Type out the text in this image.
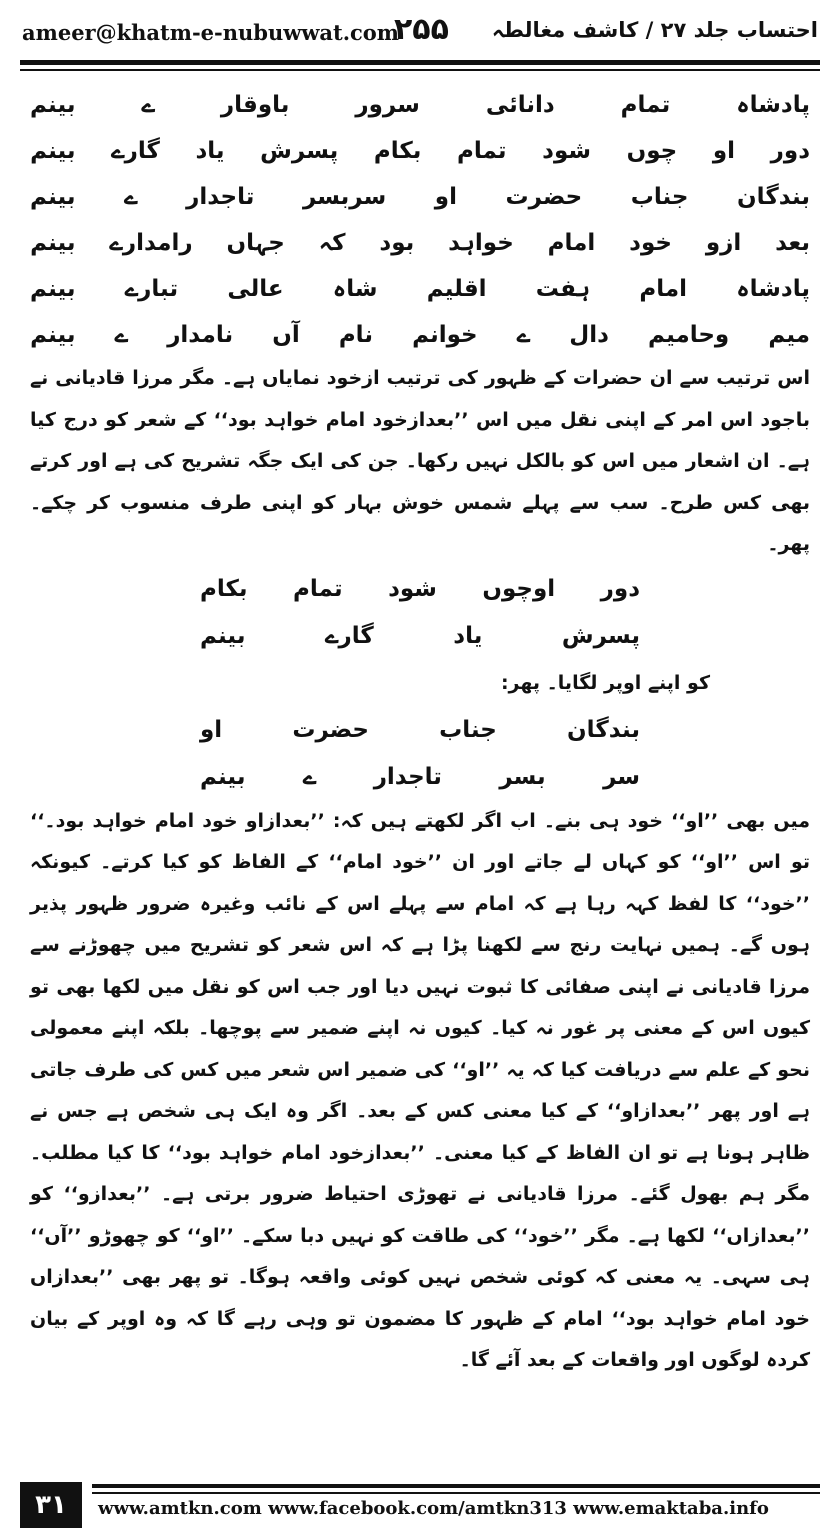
ameer@khatm-e-nubuwwat.com
۲۵۵ احتساب جلد ۲۷ / کاشف مغالطہ
پادشاہ
تمام
دانائی
سرور
باوقار
ے
بینم
دور
او
چوں
شود
تمام
بکام
پسرش
یاد
گارے
بینم
بندگان
جناب
حضرت
او
سربسر
تاجدار
ے
بینم
بعد
ازو
خود
امام
خواہد
بود
کہ
جہاں
رامدارے
بینم
پادشاہ
امام
ہفت
اقلیم
شاہ
عالی
تبارے
بینم
میم
وحامیم
دال
ے
خوانم
نام
آں
نامدار
ے
بینم

اس ترتیب سے ان حضرات کے ظہور کی ترتیب ازخود نمایاں ہے۔ مگر مرزا قادیانی نے باجود اس امر کے اپنی نقل میں اس ’’بعدازخود امام خواہد بود‘‘ کے شعر کو درج کیا ہے۔ ان اشعار میں اس کو بالکل نہیں رکھا۔ جن کی ایک جگہ تشریح کی ہے اور کرتے بھی کس طرح۔ سب سے پہلے شمس خوش بہار کو اپنی طرف منسوب کر چکے۔ پھر۔

دور
اوچوں
شود
تمام
بکام
پسرش
یاد
گارے
بینم
کو اپنے اوپر لگایا۔ پھر:
بندگان
جناب
حضرت
او
سر
بسر
تاجدار
ے
بینم

میں بھی ’’او‘‘ خود ہی بنے۔ اب اگر لکھتے ہیں کہ: ’’بعدازاو خود امام خواہد بود۔‘‘ تو اس ’’او‘‘ کو کہاں لے جاتے اور ان ’’خود امام‘‘ کے الفاظ کو کیا کرتے۔ کیونکہ ’’خود‘‘ کا لفظ کہہ رہا ہے کہ امام سے پہلے اس کے نائب وغیرہ ضرور ظہور پذیر ہوں گے۔ ہمیں نہایت رنج سے لکھنا پڑا ہے کہ اس شعر کو تشریح میں چھوڑنے سے مرزا قادیانی نے اپنی صفائی کا ثبوت نہیں دیا اور جب اس کو نقل میں لکھا بھی تو کیوں اس کے معنی پر غور نہ کیا۔ کیوں نہ اپنے ضمیر سے پوچھا۔ بلکہ اپنے معمولی نحو کے علم سے دریافت کیا کہ یہ ’’او‘‘ کی ضمیر اس شعر میں کس کی طرف جاتی ہے اور پھر ’’بعدازاو‘‘ کے کیا معنی کس کے بعد۔ اگر وہ ایک ہی شخص ہے جس نے ظاہر ہونا ہے تو ان الفاظ کے کیا معنی۔ ’’بعدازخود امام خواہد بود‘‘ کا کیا مطلب۔ مگر ہم بھول گئے۔ مرزا قادیانی نے تھوڑی احتیاط ضرور برتی ہے۔ ’’بعدازو‘‘ کو ’’بعدازاں‘‘ لکھا ہے۔ مگر ’’خود‘‘ کی طاقت کو نہیں دبا سکے۔ ’’او‘‘ کو چھوڑو ’’آں‘‘ ہی سہی۔ یہ معنی کہ کوئی شخص نہیں کوئی واقعہ ہوگا۔ تو پھر بھی ’’بعدازاں خود امام خواہد بود‘‘ امام کے ظہور کا مضمون تو وہی رہے گا کہ وہ اوپر کے بیان کردہ لوگوں اور واقعات کے بعد آئے گا۔

۳۱	www.amtkn.com www.facebook.com/amtkn313 www.emaktaba.info
